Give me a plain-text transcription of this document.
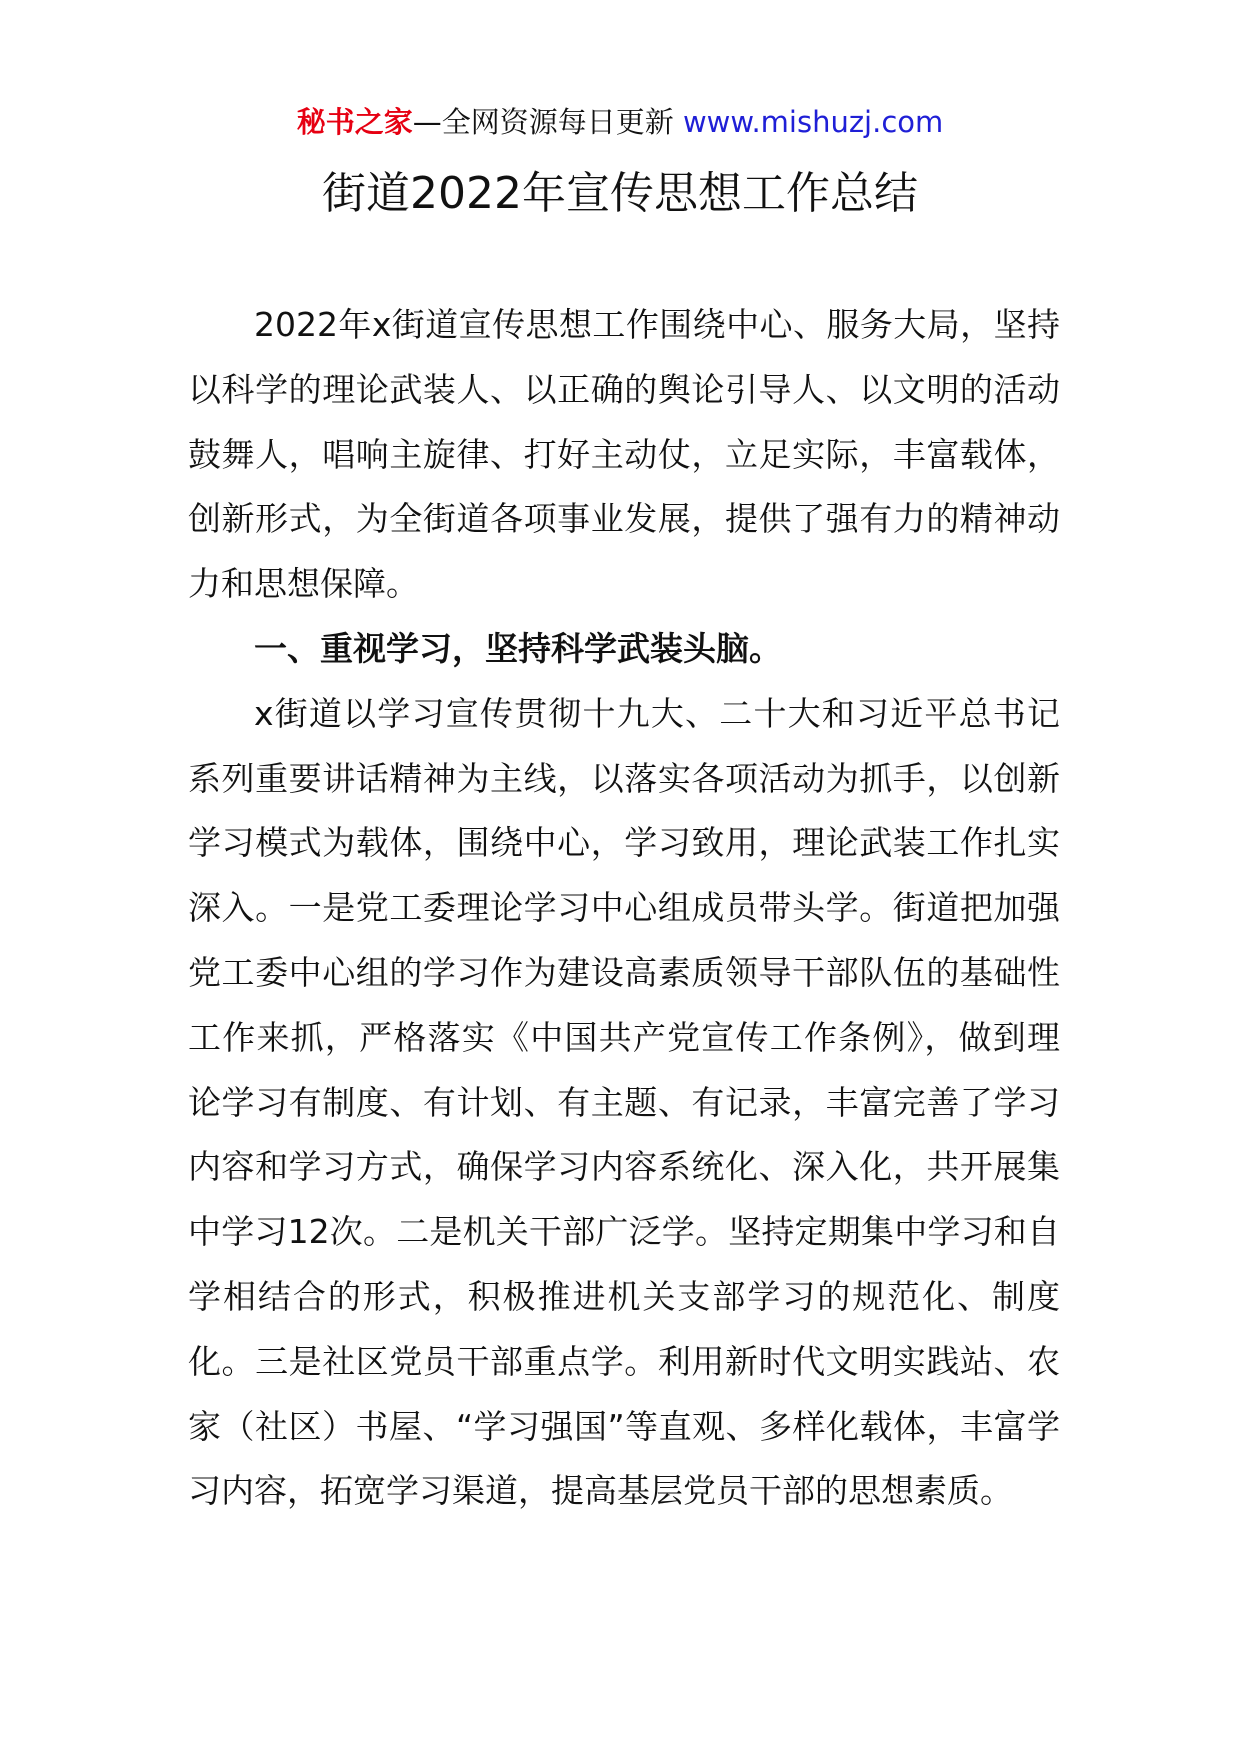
秘书之家—全网资源每日更新 www.mishuzj.com
街道2022年宣传思想工作总结

2022年x街道宣传思想工作围绕中心、服务大局，坚持以科学的理论武装人、以正确的舆论引导人、以文明的活动鼓舞人，唱响主旋律、打好主动仗，立足实际，丰富载体，创新形式，为全街道各项事业发展，提供了强有力的精神动力和思想保障。

一、重视学习，坚持科学武装头脑。

x街道以学习宣传贯彻十九大、二十大和习近平总书记系列重要讲话精神为主线，以落实各项活动为抓手，以创新学习模式为载体，围绕中心，学习致用，理论武装工作扎实深入。一是党工委理论学习中心组成员带头学。街道把加强党工委中心组的学习作为建设高素质领导干部队伍的基础性工作来抓，严格落实《中国共产党宣传工作条例》，做到理论学习有制度、有计划、有主题、有记录，丰富完善了学习内容和学习方式，确保学习内容系统化、深入化，共开展集中学习12次。二是机关干部广泛学。坚持定期集中学习和自学相结合的形式，积极推进机关支部学习的规范化、制度化。三是社区党员干部重点学。利用新时代文明实践站、农家（社区）书屋、“学习强国”等直观、多样化载体，丰富学习内容，拓宽学习渠道，提高基层党员干部的思想素质。
